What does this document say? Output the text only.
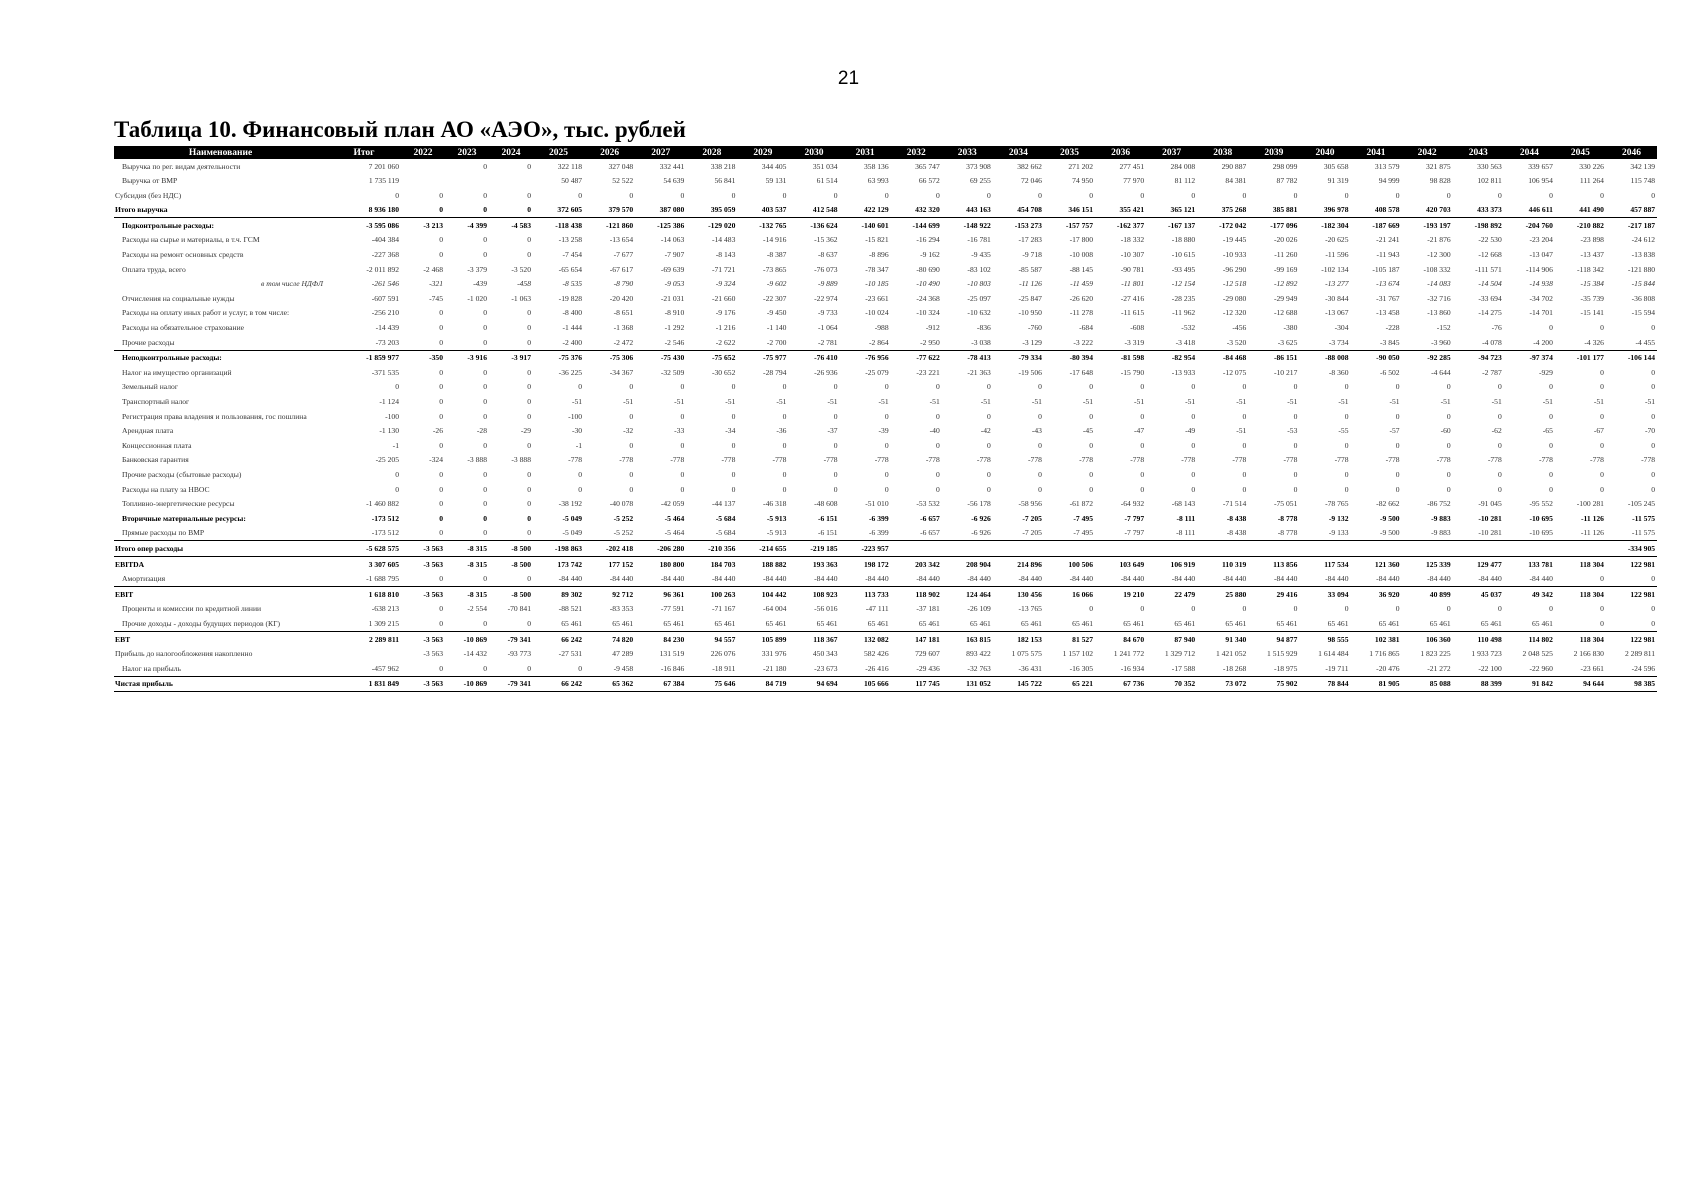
21
Таблица 10. Финансовый план АО «АЭО», тыс. рублей
Наименование	Итог	2022	2023	2024	2025	2026	2027	2028	2029	2030	2031	2032	2033	2034	2035	2036	2037	2038	2039	2040	2041	2042	2043	2044	2045	2046
Выручка по рег. видам деятельности	7 201 060		0	0	322 118	327 048	332 441	338 218	344 405	351 034	358 136	365 747	373 908	382 662	271 202	277 451	284 008	290 887	298 099	305 658	313 579	321 875	330 563	339 657	330 226	342 139
Выручка от ВМР	1 735 119				50 487	52 522	54 639	56 841	59 131	61 514	63 993	66 572	69 255	72 046	74 950	77 970	81 112	84 381	87 782	91 319	94 999	98 828	102 811	106 954	111 264	115 748
Субсидия (без НДС)	0	0	0	0	0	0	0	0	0	0	0	0	0	0	0	0	0	0	0	0	0	0	0	0	0	0
Итого выручка	8 936 180	0	0	0	372 605	379 570	387 080	395 059	403 537	412 548	422 129	432 320	443 163	454 708	346 151	355 421	365 121	375 268	385 881	396 978	408 578	420 703	433 373	446 611	441 490	457 887
Подконтрольные расходы:	-3 595 086	-3 213	-4 399	-4 583	-118 438	-121 860	-125 386	-129 020	-132 765	-136 624	-140 601	-144 699	-148 922	-153 273	-157 757	-162 377	-167 137	-172 042	-177 096	-182 304	-187 669	-193 197	-198 892	-204 760	-210 882	-217 187
Расходы на сырье и материалы, в т.ч. ГСМ	-404 384	0	0	0	-13 258	-13 654	-14 063	-14 483	-14 916	-15 362	-15 821	-16 294	-16 781	-17 283	-17 800	-18 332	-18 880	-19 445	-20 026	-20 625	-21 241	-21 876	-22 530	-23 204	-23 898	-24 612
Расходы на ремонт основных средств	-227 368	0	0	0	-7 454	-7 677	-7 907	-8 143	-8 387	-8 637	-8 896	-9 162	-9 435	-9 718	-10 008	-10 307	-10 615	-10 933	-11 260	-11 596	-11 943	-12 300	-12 668	-13 047	-13 437	-13 838
Оплата труда, всего	-2 011 892	-2 468	-3 379	-3 520	-65 654	-67 617	-69 639	-71 721	-73 865	-76 073	-78 347	-80 690	-83 102	-85 587	-88 145	-90 781	-93 495	-96 290	-99 169	-102 134	-105 187	-108 332	-111 571	-114 906	-118 342	-121 880
в том числе НДФЛ	-261 546	-321	-439	-458	-8 535	-8 790	-9 053	-9 324	-9 602	-9 889	-10 185	-10 490	-10 803	-11 126	-11 459	-11 801	-12 154	-12 518	-12 892	-13 277	-13 674	-14 083	-14 504	-14 938	-15 384	-15 844
Отчисления на социальные нужды	-607 591	-745	-1 020	-1 063	-19 828	-20 420	-21 031	-21 660	-22 307	-22 974	-23 661	-24 368	-25 097	-25 847	-26 620	-27 416	-28 235	-29 080	-29 949	-30 844	-31 767	-32 716	-33 694	-34 702	-35 739	-36 808
Расходы на оплату иных работ и услуг, в том числе:	-256 210	0	0	0	-8 400	-8 651	-8 910	-9 176	-9 450	-9 733	-10 024	-10 324	-10 632	-10 950	-11 278	-11 615	-11 962	-12 320	-12 688	-13 067	-13 458	-13 860	-14 275	-14 701	-15 141	-15 594
Расходы на обязательное страхование	-14 439	0	0	0	-1 444	-1 368	-1 292	-1 216	-1 140	-1 064	-988	-912	-836	-760	-684	-608	-532	-456	-380	-304	-228	-152	-76	0	0	0
Прочие расходы	-73 203	0	0	0	-2 400	-2 472	-2 546	-2 622	-2 700	-2 781	-2 864	-2 950	-3 038	-3 129	-3 222	-3 319	-3 418	-3 520	-3 625	-3 734	-3 845	-3 960	-4 078	-4 200	-4 326	-4 455
Неподконтрольные расходы:	-1 859 977	-350	-3 916	-3 917	-75 376	-75 306	-75 430	-75 652	-75 977	-76 410	-76 956	-77 622	-78 413	-79 334	-80 394	-81 598	-82 954	-84 468	-86 151	-88 008	-90 050	-92 285	-94 723	-97 374	-101 177	-106 144
Налог на имущество организаций	-371 535	0	0	0	-36 225	-34 367	-32 509	-30 652	-28 794	-26 936	-25 079	-23 221	-21 363	-19 506	-17 648	-15 790	-13 933	-12 075	-10 217	-8 360	-6 502	-4 644	-2 787	-929	0	0
Земельный налог	0	0	0	0	0	0	0	0	0	0	0	0	0	0	0	0	0	0	0	0	0	0	0	0	0	0
Транспортный налог	-1 124	0	0	0	-51	-51	-51	-51	-51	-51	-51	-51	-51	-51	-51	-51	-51	-51	-51	-51	-51	-51	-51	-51	-51	-51
Регистрация права владения и пользования, гос пошлина	-100	0	0	0	-100	0	0	0	0	0	0	0	0	0	0	0	0	0	0	0	0	0	0	0	0	0
Арендная плата	-1 130	-26	-28	-29	-30	-32	-33	-34	-36	-37	-39	-40	-42	-43	-45	-47	-49	-51	-53	-55	-57	-60	-62	-65	-67	-70
Концессионная плата	-1	0	0	0	-1	0	0	0	0	0	0	0	0	0	0	0	0	0	0	0	0	0	0	0	0	0
Банковская гарантия	-25 205	-324	-3 888	-3 888	-778	-778	-778	-778	-778	-778	-778	-778	-778	-778	-778	-778	-778	-778	-778	-778	-778	-778	-778	-778	-778	-778
Прочие расходы (сбытовые расходы)	0	0	0	0	0	0	0	0	0	0	0	0	0	0	0	0	0	0	0	0	0	0	0	0	0	0
Расходы на плату за НВОС	0	0	0	0	0	0	0	0	0	0	0	0	0	0	0	0	0	0	0	0	0	0	0	0	0	0
Топливно-энергетические ресурсы	-1 460 882	0	0	0	-38 192	-40 078	-42 059	-44 137	-46 318	-48 608	-51 010	-53 532	-56 178	-58 956	-61 872	-64 932	-68 143	-71 514	-75 051	-78 765	-82 662	-86 752	-91 045	-95 552	-100 281	-105 245
Вторичные материальные ресурсы:	-173 512	0	0	0	-5 049	-5 252	-5 464	-5 684	-5 913	-6 151	-6 399	-6 657	-6 926	-7 205	-7 495	-7 797	-8 111	-8 438	-8 778	-9 132	-9 500	-9 883	-10 281	-10 695	-11 126	-11 575
Прямые расходы по ВМР	-173 512	0	0	0	-5 049	-5 252	-5 464	-5 684	-5 913	-6 151	-6 399	-6 657	-6 926	-7 205	-7 495	-7 797	-8 111	-8 438	-8 778	-9 133	-9 500	-9 883	-10 281	-10 695	-11 126	-11 575
Итого опер расходы	-5 628 575	-3 563	-8 315	-8 500	-198 863	-202 418	-206 280	-210 356	-214 655	-219 185	-223 957															-334 905
EBITDA	3 307 605	-3 563	-8 315	-8 500	173 742	177 152	180 800	184 703	188 882	193 363	198 172	203 342	208 904	214 896	100 506	103 649	106 919	110 319	113 856	117 534	121 360	125 339	129 477	133 781	118 304	122 981
Амортизация	-1 688 795	0	0	0	-84 440	-84 440	-84 440	-84 440	-84 440	-84 440	-84 440	-84 440	-84 440	-84 440	-84 440	-84 440	-84 440	-84 440	-84 440	-84 440	-84 440	-84 440	-84 440	-84 440	0	0
EBIT	1 618 810	-3 563	-8 315	-8 500	89 302	92 712	96 361	100 263	104 442	108 923	113 733	118 902	124 464	130 456	16 066	19 210	22 479	25 880	29 416	33 094	36 920	40 899	45 037	49 342	118 304	122 981
Проценты и комиссии по кредитной линии	-638 213	0	-2 554	-70 841	-88 521	-83 353	-77 591	-71 167	-64 004	-56 016	-47 111	-37 181	-26 109	-13 765	0	0	0	0	0	0	0	0	0	0	0	0
Прочие доходы - доходы будущих периодов (КГ)	1 309 215	0	0	0	65 461	65 461	65 461	65 461	65 461	65 461	65 461	65 461	65 461	65 461	65 461	65 461	65 461	65 461	65 461	65 461	65 461	65 461	65 461	65 461	0	0
EBT	2 289 811	-3 563	-10 869	-79 341	66 242	74 820	84 230	94 557	105 899	118 367	132 082	147 181	163 815	182 153	81 527	84 670	87 940	91 340	94 877	98 555	102 381	106 360	110 498	114 802	118 304	122 981
Прибыль до налогообложения накопленно		-3 563	-14 432	-93 773	-27 531	47 289	131 519	226 076	331 976	450 343	582 426	729 607	893 422	1 075 575	1 157 102	1 241 772	1 329 712	1 421 052	1 515 929	1 614 484	1 716 865	1 823 225	1 933 723	2 048 525	2 166 830	2 289 811
Налог на прибыль	-457 962	0	0	0	0	-9 458	-16 846	-18 911	-21 180	-23 673	-26 416	-29 436	-32 763	-36 431	-16 305	-16 934	-17 588	-18 268	-18 975	-19 711	-20 476	-21 272	-22 100	-22 960	-23 661	-24 596
Чистая прибыль	1 831 849	-3 563	-10 869	-79 341	66 242	65 362	67 384	75 646	84 719	94 694	105 666	117 745	131 052	145 722	65 221	67 736	70 352	73 072	75 902	78 844	81 905	85 088	88 399	91 842	94 644	98 385
